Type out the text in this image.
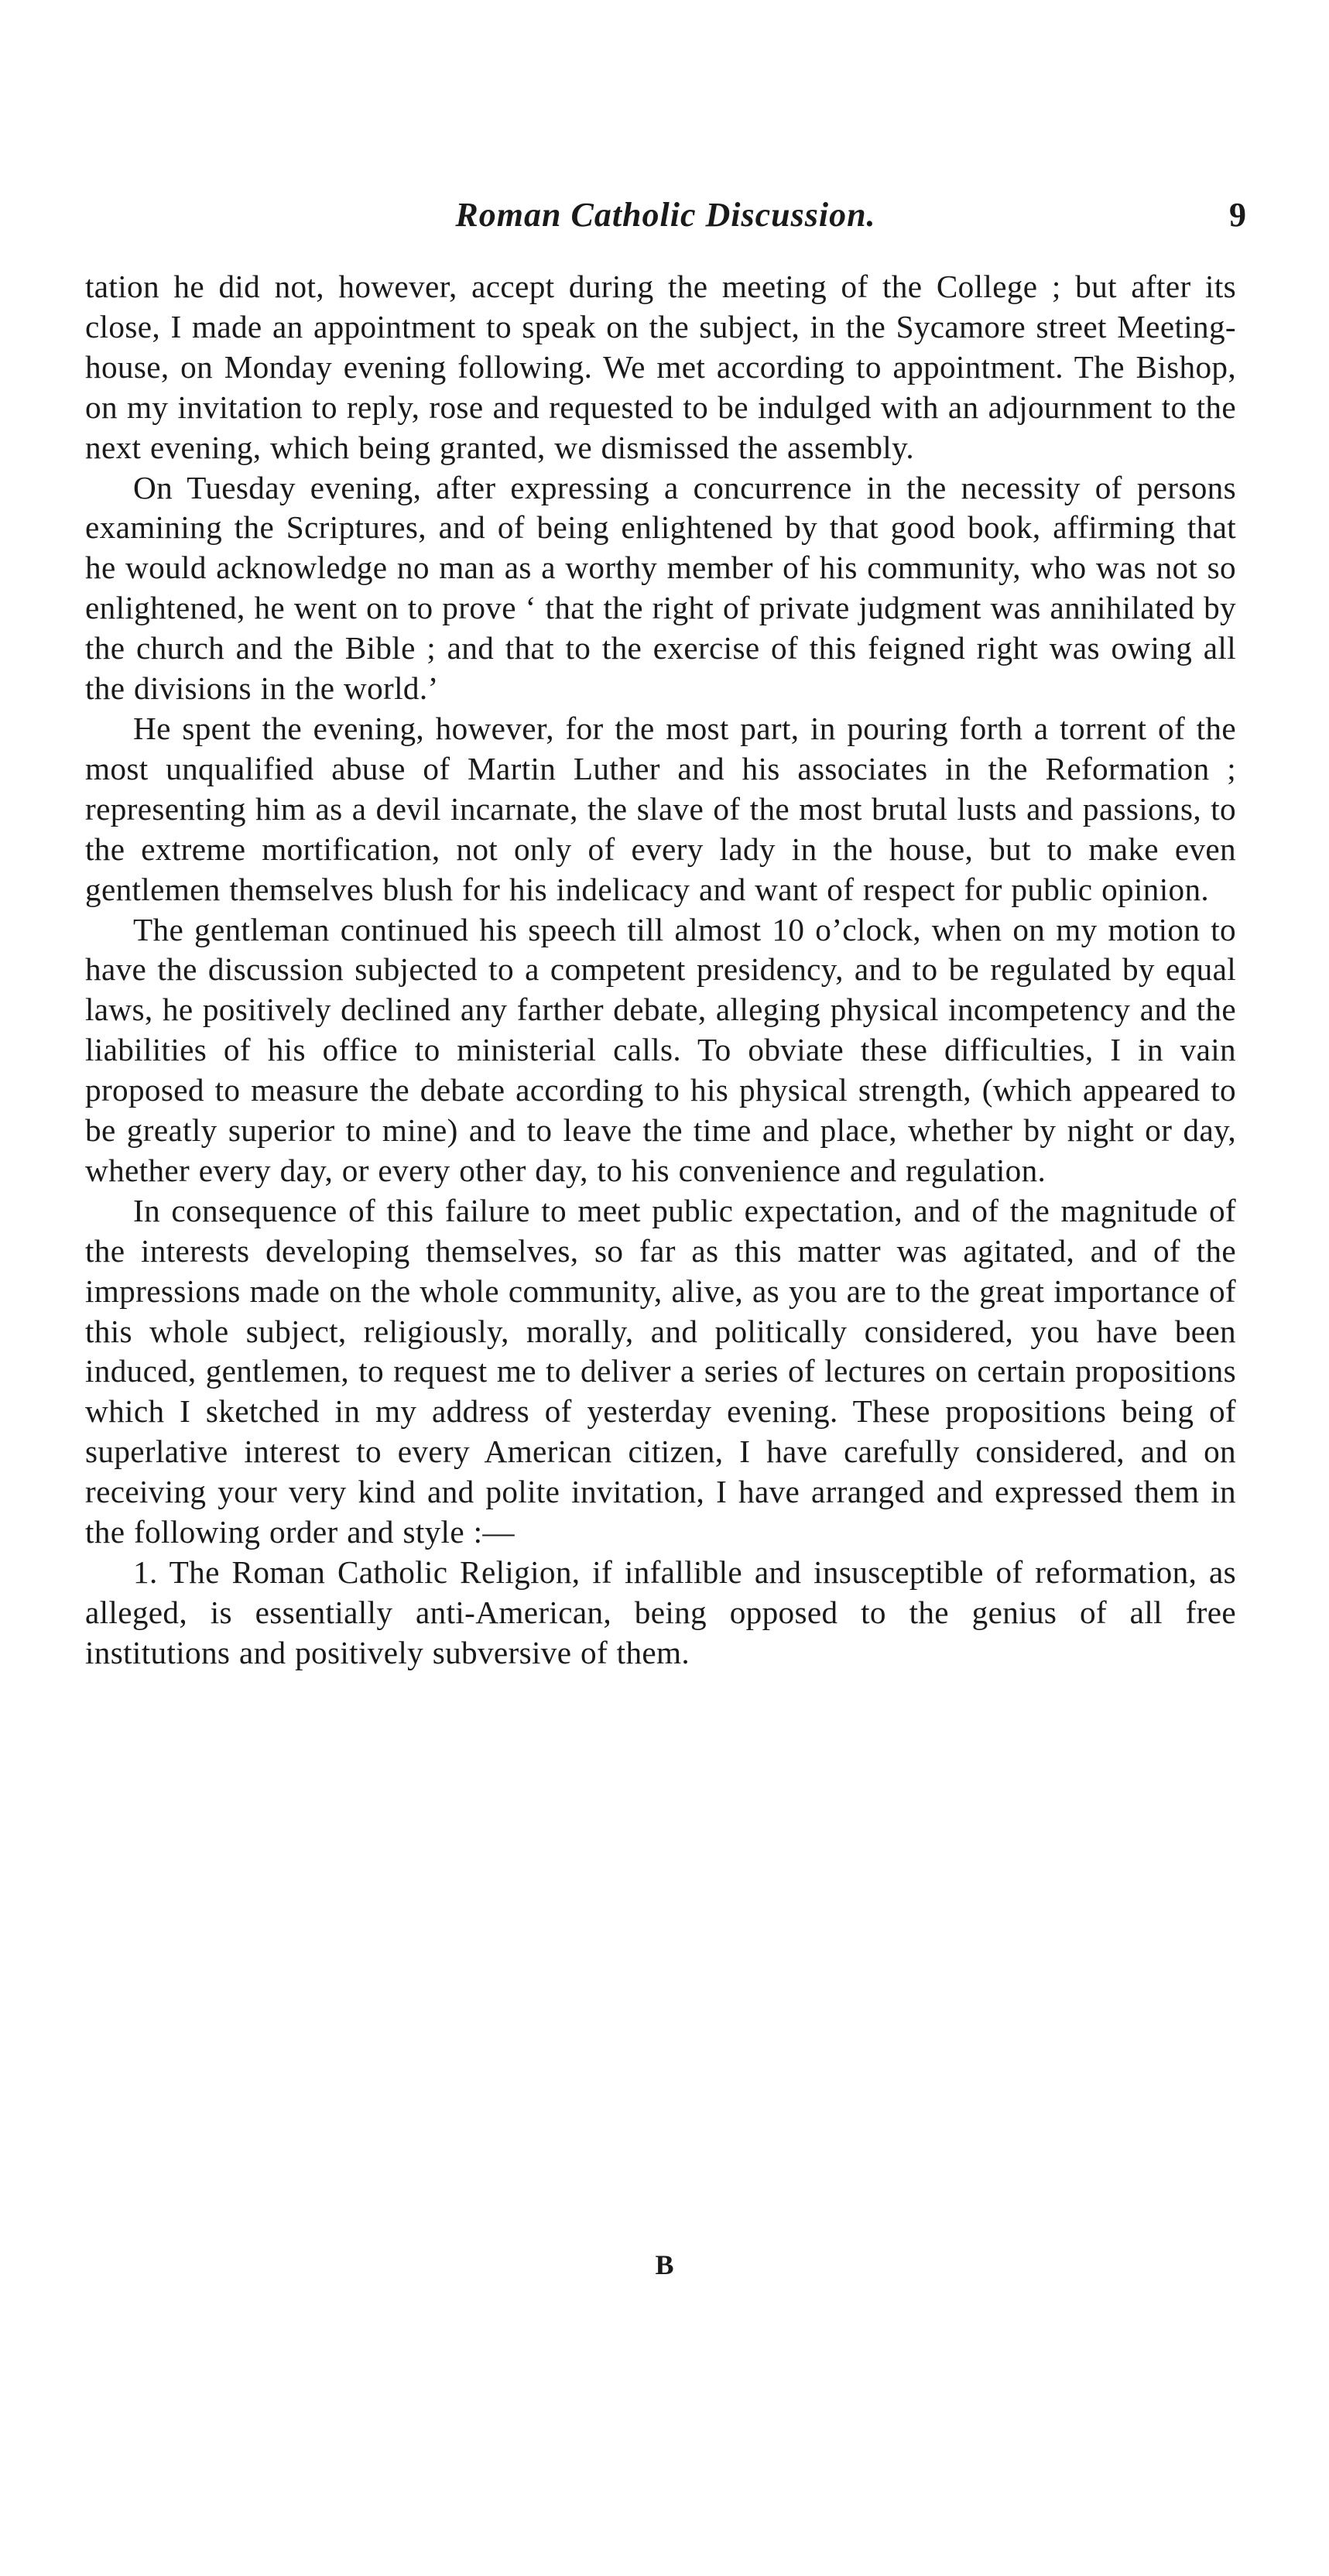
Roman Catholic Discussion.	9

tation he did not, however, accept during the meeting of the College ; but after its close, I made an appointment to speak on the subject, in the Sycamore street Meeting-house, on Monday evening following. We met according to appointment. The Bishop, on my invitation to reply, rose and requested to be indulged with an adjournment to the next evening, which being granted, we dismissed the assembly.

On Tuesday evening, after expressing a concurrence in the necessity of persons examining the Scriptures, and of being enlightened by that good book, affirming that he would acknowledge no man as a worthy member of his community, who was not so enlightened, he went on to prove ‘ that the right of private judgment was annihilated by the church and the Bible ; and that to the exercise of this feigned right was owing all the divisions in the world.’

He spent the evening, however, for the most part, in pouring forth a torrent of the most unqualified abuse of Martin Luther and his associates in the Reformation ; representing him as a devil incarnate, the slave of the most brutal lusts and passions, to the extreme mortification, not only of every lady in the house, but to make even gentlemen themselves blush for his indelicacy and want of respect for public opinion.

The gentleman continued his speech till almost 10 o’clock, when on my motion to have the discussion subjected to a competent presidency, and to be regulated by equal laws, he positively declined any farther debate, alleging physical incompetency and the liabilities of his office to ministerial calls. To obviate these difficulties, I in vain proposed to measure the debate according to his physical strength, (which appeared to be greatly superior to mine) and to leave the time and place, whether by night or day, whether every day, or every other day, to his convenience and regulation.

In consequence of this failure to meet public expectation, and of the magnitude of the interests developing themselves, so far as this matter was agitated, and of the impressions made on the whole community, alive, as you are to the great importance of this whole subject, religiously, morally, and politically considered, you have been induced, gentlemen, to request me to deliver a series of lectures on certain propositions which I sketched in my address of yesterday evening. These propositions being of superlative interest to every American citizen, I have carefully considered, and on receiving your very kind and polite invitation, I have arranged and expressed them in the following order and style :—

1. The Roman Catholic Religion, if infallible and insusceptible of reformation, as alleged, is essentially anti-American, being opposed to the genius of all free institutions and positively subversive of them.

B
